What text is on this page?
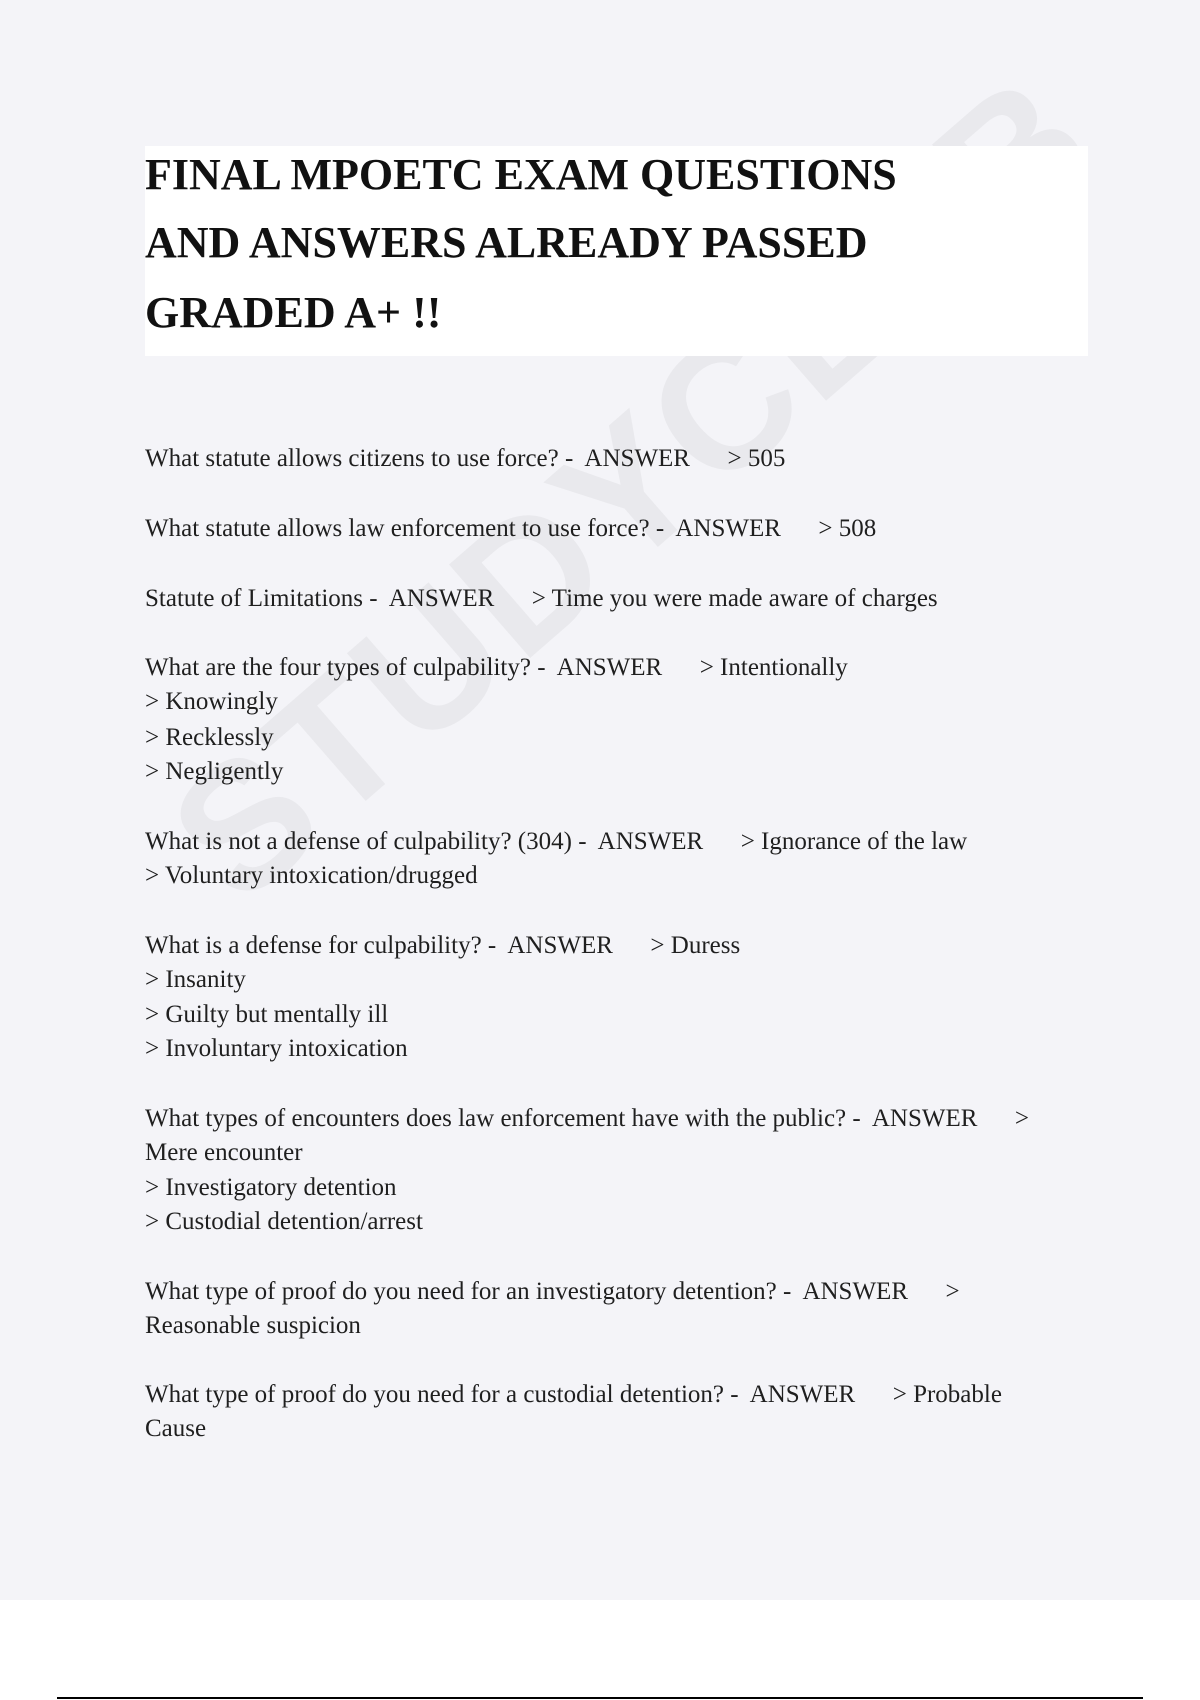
FINAL MPOETC EXAM QUESTIONS
AND ANSWERS ALREADY PASSED
GRADED A+ !!

What statute allows citizens to use force? -  ANSWER      > 505

What statute allows law enforcement to use force? -  ANSWER      > 508

Statute of Limitations -  ANSWER      > Time you were made aware of charges

What are the four types of culpability? -  ANSWER      > Intentionally

> Knowingly

> Recklessly

> Negligently

What is not a defense of culpability? (304) -  ANSWER      > Ignorance of the law

> Voluntary intoxication/drugged

What is a defense for culpability? -  ANSWER      > Duress

> Insanity

> Guilty but mentally ill

> Involuntary intoxication

What types of encounters does law enforcement have with the public? -  ANSWER      >

Mere encounter

> Investigatory detention

> Custodial detention/arrest

What type of proof do you need for an investigatory detention? -  ANSWER      >

Reasonable suspicion

What type of proof do you need for a custodial detention? -  ANSWER      > Probable

Cause
